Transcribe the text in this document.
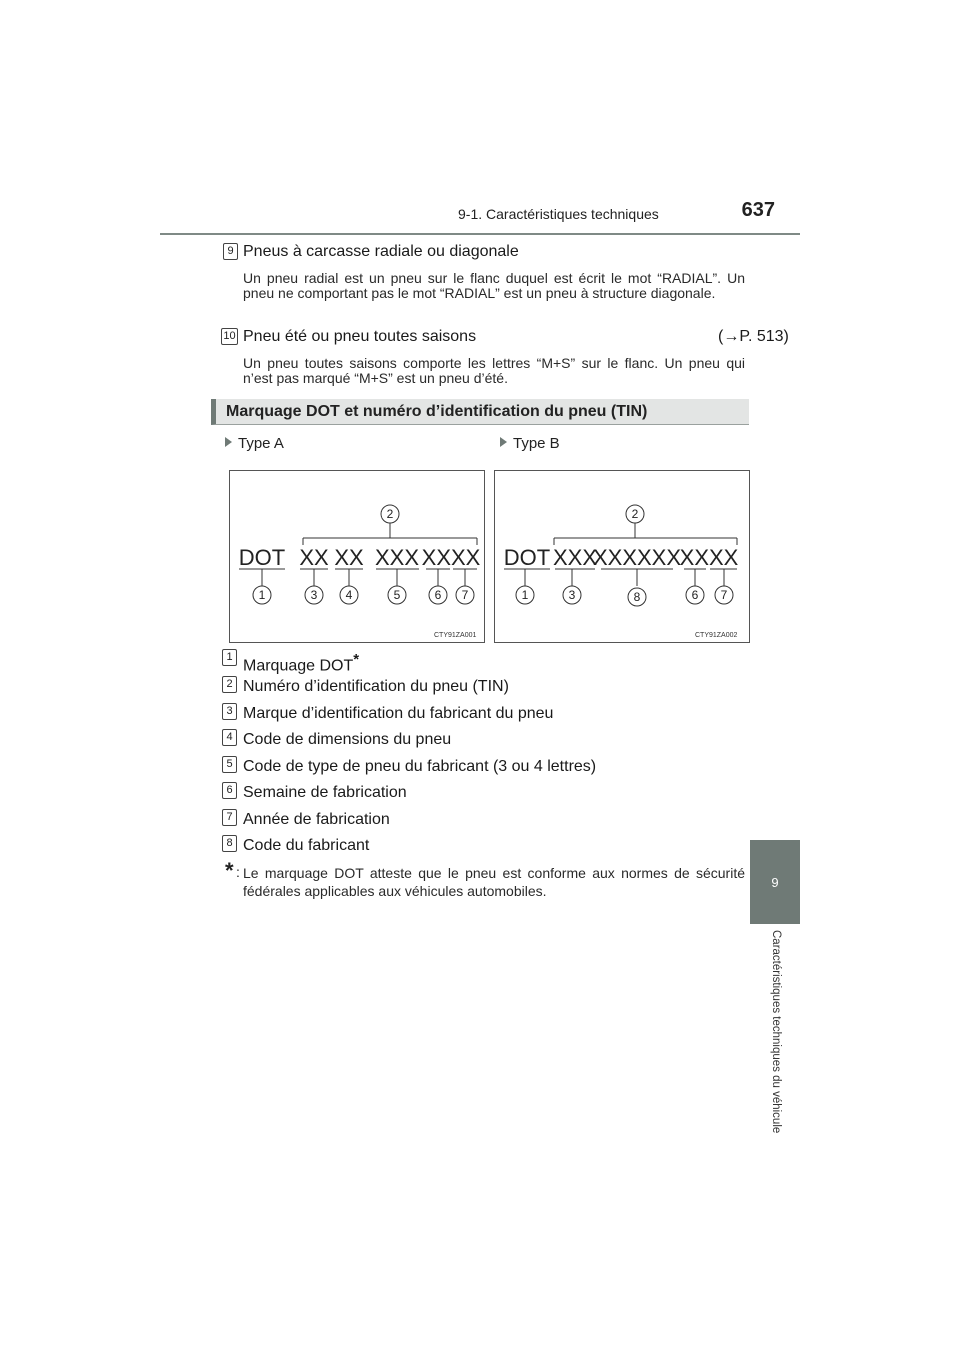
9-1. Caractéristiques techniques	637
9
Caractéristiques techniques du véhicule
9 Pneus à carcasse radiale ou diagonale
Un pneu radial est un pneu sur le flanc duquel est écrit le mot “RADIAL”. Un pneu ne comportant pas le mot “RADIAL” est un pneu à structure diagonale.
10 Pneu été ou pneu toutes saisons	(→P. 513)
Un pneu toutes saisons comporte les lettres “M+S” sur le flanc. Un pneu qui n’est pas marqué “M+S” est un pneu d’été.
Marquage DOT et numéro d’identification du pneu (TIN)
Type A	Type B
DOT XX XX XXX XXXX
2
1	3 4	5	6 7
CTY91ZA001
DOT XXX
XXXXXX
XXXX
2
1	3	8	6 7
CTY91ZA002
1
Marquage DOT*
2 Numéro d’identification du pneu (TIN)
3 Marque d’identification du fabricant du pneu
4 Code de dimensions du pneu
5 Code de type de pneu du fabricant (3 ou 4 lettres)
6 Semaine de fabrication
7 Année de fabrication
8 Code du fabricant
* : Le marquage DOT atteste que le pneu est conforme aux normes de sécurité fédérales applicables aux véhicules automobiles.
